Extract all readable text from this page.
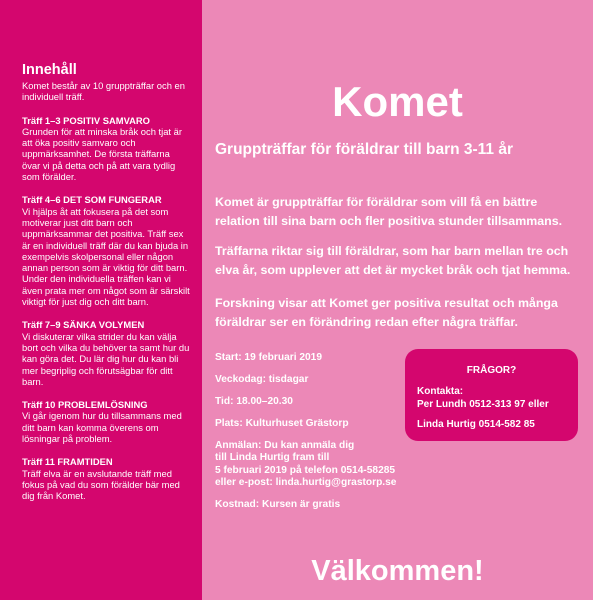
Innehåll

Komet består av 10 gruppträffar och en individuell träff.

Träff 1–3 POSITIV SAMVARO

Grunden för att minska bråk och tjat är att öka positiv samvaro och uppmärksamhet. De första träffarna övar vi på detta och på att vara tydlig som förälder.

Träff 4–6 DET SOM FUNGERAR

Vi hjälps åt att fokusera på det som motiverar just ditt barn och uppmärksammar det positiva. Träff sex är en individuell träff där du kan bjuda in exempelvis skolpersonal eller någon annan person som är viktig för ditt barn. Under den individuella träffen kan vi även prata mer om något som är särskilt viktigt för just dig och ditt barn.

Träff 7–9 SÄNKA VOLYMEN

Vi diskuterar vilka strider du kan välja bort och vilka du behöver ta samt hur du kan göra det. Du lär dig hur du kan bli mer begriplig och förutsägbar för ditt barn.

Träff 10 PROBLEMLÖSNING

Vi går igenom hur du tillsammans med ditt barn kan komma överens om lösningar på problem.

Träff 11 FRAMTIDEN

Träff elva är en avslutande träff med fokus på vad du som förälder bär med dig från Komet.

Komet

Gruppträffar för föräldrar till barn 3-11 år

Komet är gruppträffar för föräldrar som vill få en bättre relation till sina barn och fler positiva stunder tillsammans.

Träffarna riktar sig till föräldrar, som har barn mellan tre och elva år, som upplever att det är mycket bråk och tjat hemma.

Forskning visar att Komet ger positiva resultat och många föräldrar ser en förändring redan efter några träffar.

Start: 19 februari 2019

Veckodag: tisdagar

Tid: 18.00–20.30

Plats: Kulturhuset Grästorp

Anmälan: Du kan anmäla dig
till Linda Hurtig fram till
5 februari 2019 på telefon 0514-58285
eller e-post: linda.hurtig@grastorp.se

Kostnad: Kursen är gratis

FRÅGOR?

Kontakta:

Per Lundh 0512-313 97 eller

Linda Hurtig 0514-582 85

Välkommen!
